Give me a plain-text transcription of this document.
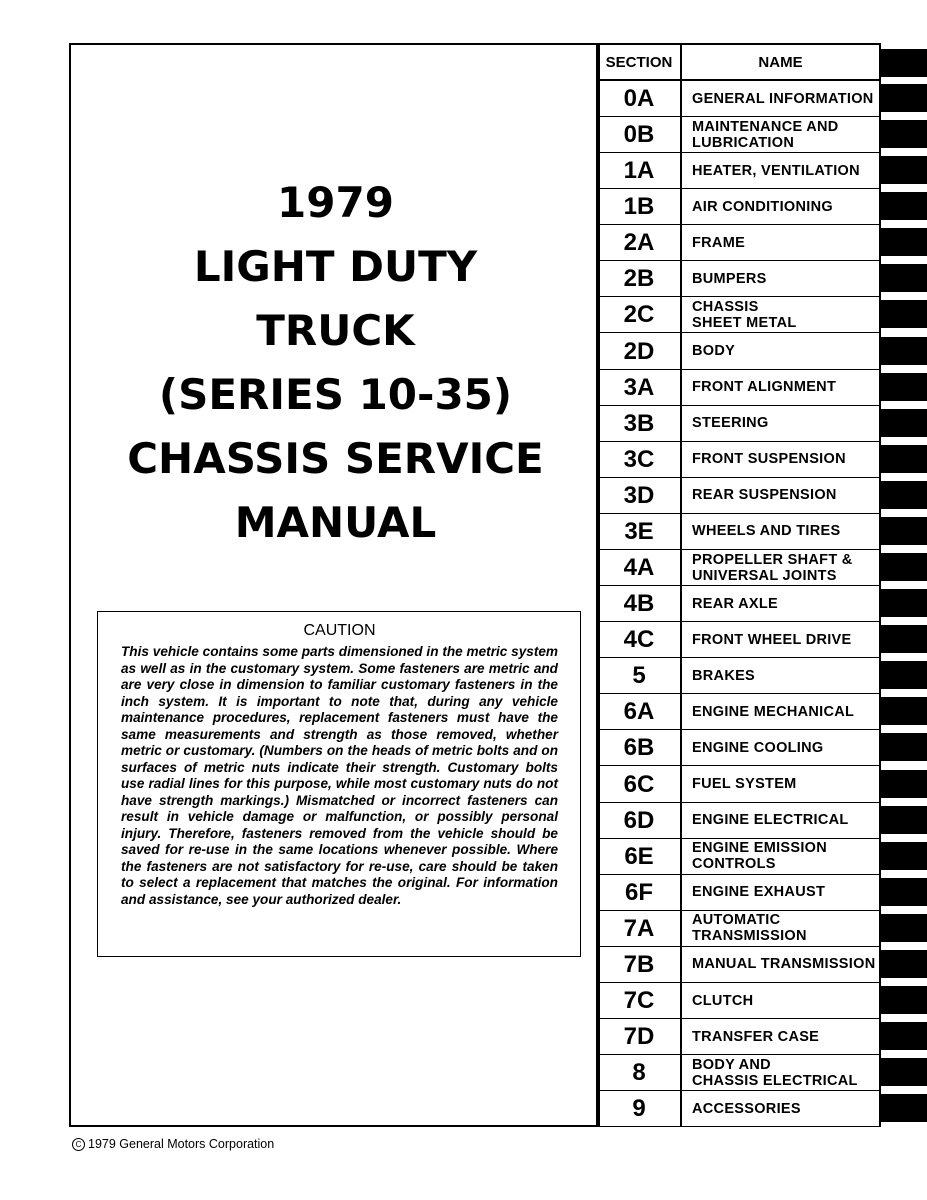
1979
LIGHT DUTY
TRUCK
(SERIES 10-35)
CHASSIS SERVICE
MANUAL
CAUTION
This vehicle contains some parts dimensioned in the metric system as well as in the customary system. Some fasteners are metric and are very close in dimension to familiar customary fasteners in the inch system. It is important to note that, during any vehicle maintenance procedures, replacement fasteners must have the same measurements and strength as those removed, whether metric or customary. (Numbers on the heads of metric bolts and on surfaces of metric nuts indicate their strength. Customary bolts use radial lines for this purpose, while most customary nuts do not have strength markings.) Mismatched or incorrect fasteners can result in vehicle damage or malfunction, or possibly personal injury. Therefore, fasteners removed from the vehicle should be saved for re-use in the same locations whenever possible. Where the fasteners are not satisfactory for re-use, care should be taken to select a replacement that matches the original. For information and assistance, see your authorized dealer.
C 1979 General Motors Corporation
SECTION	NAME
0A	GENERAL INFORMATION
0B	MAINTENANCE AND
LUBRICATION
1A	HEATER, VENTILATION
1B	AIR CONDITIONING
2A	FRAME
2B	BUMPERS
2C	CHASSIS
SHEET METAL
2D	BODY
3A	FRONT ALIGNMENT
3B	STEERING
3C	FRONT SUSPENSION
3D	REAR SUSPENSION
3E	WHEELS AND TIRES
4A	PROPELLER SHAFT &
UNIVERSAL JOINTS
4B	REAR AXLE
4C	FRONT WHEEL DRIVE
5	BRAKES
6A	ENGINE MECHANICAL
6B	ENGINE COOLING
6C	FUEL SYSTEM
6D	ENGINE ELECTRICAL
6E	ENGINE EMISSION
CONTROLS
6F	ENGINE EXHAUST
7A	AUTOMATIC
TRANSMISSION
7B	MANUAL TRANSMISSION
7C	CLUTCH
7D	TRANSFER CASE
8	BODY AND
CHASSIS ELECTRICAL
9	ACCESSORIES
